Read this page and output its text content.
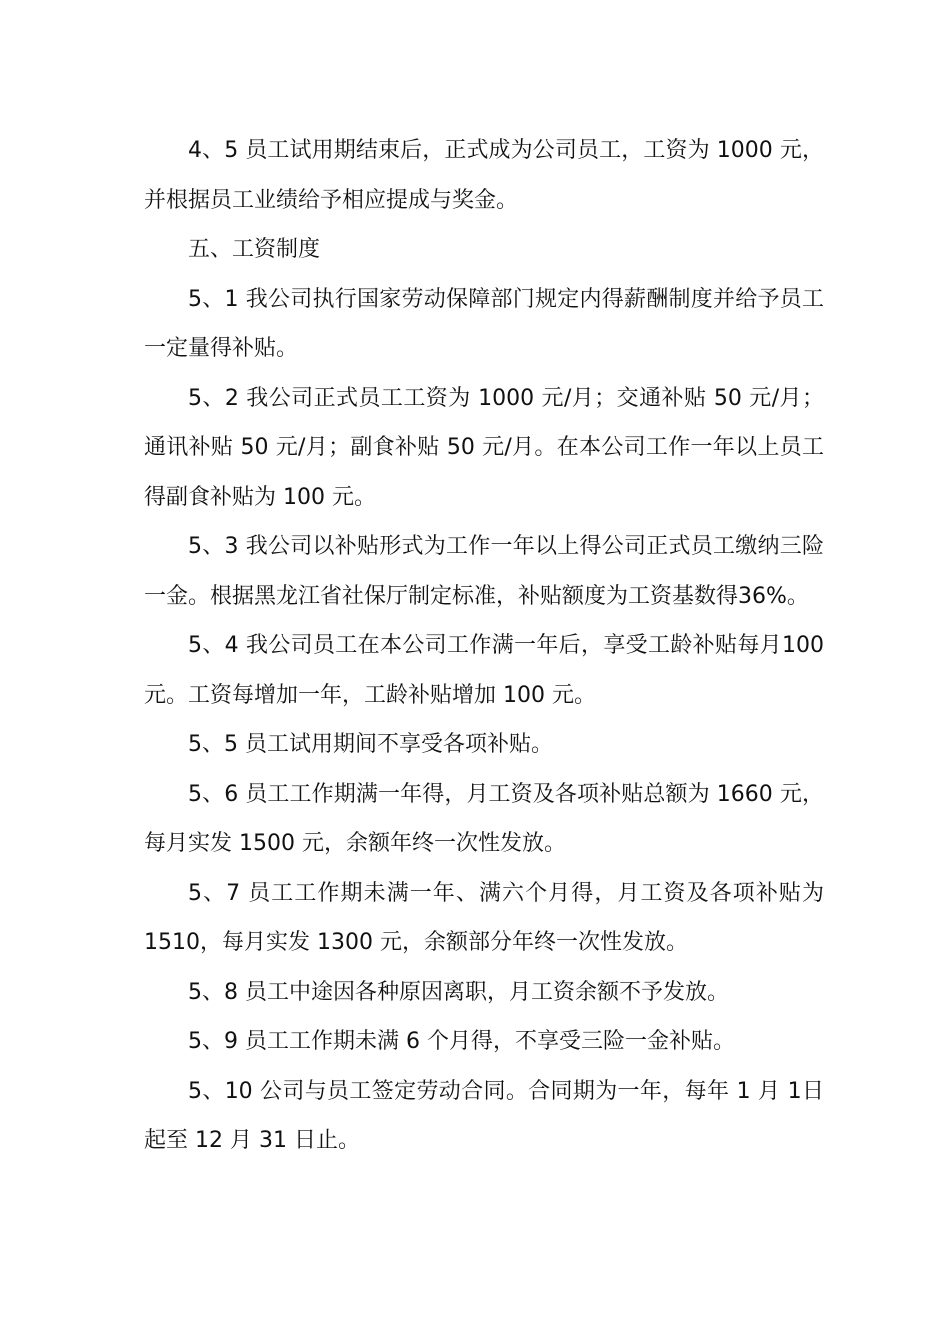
4、5 员工试用期结束后，正式成为公司员工，工资为 1000 元，并根据员工业绩给予相应提成与奖金。

五、工资制度

5、1 我公司执行国家劳动保障部门规定内得薪酬制度并给予员工一定量得补贴。

5、2 我公司正式员工工资为 1000 元/月；交通补贴 50 元/月；通讯补贴 50 元/月；副食补贴 50 元/月。在本公司工作一年以上员工得副食补贴为 100 元。

5、3 我公司以补贴形式为工作一年以上得公司正式员工缴纳三险一金。根据黑龙江省社保厅制定标准，补贴额度为工资基数得36%。

5、4 我公司员工在本公司工作满一年后，享受工龄补贴每月100 元。工资每增加一年，工龄补贴增加 100 元。

5、5 员工试用期间不享受各项补贴。

5、6 员工工作期满一年得，月工资及各项补贴总额为 1660 元，每月实发 1500 元，余额年终一次性发放。

5、7 员工工作期未满一年、满六个月得，月工资及各项补贴为1510，每月实发 1300 元，余额部分年终一次性发放。

5、8 员工中途因各种原因离职，月工资余额不予发放。

5、9 员工工作期未满 6 个月得，不享受三险一金补贴。

5、10 公司与员工签定劳动合同。合同期为一年，每年 1 月 1日起至 12 月 31 日止。
